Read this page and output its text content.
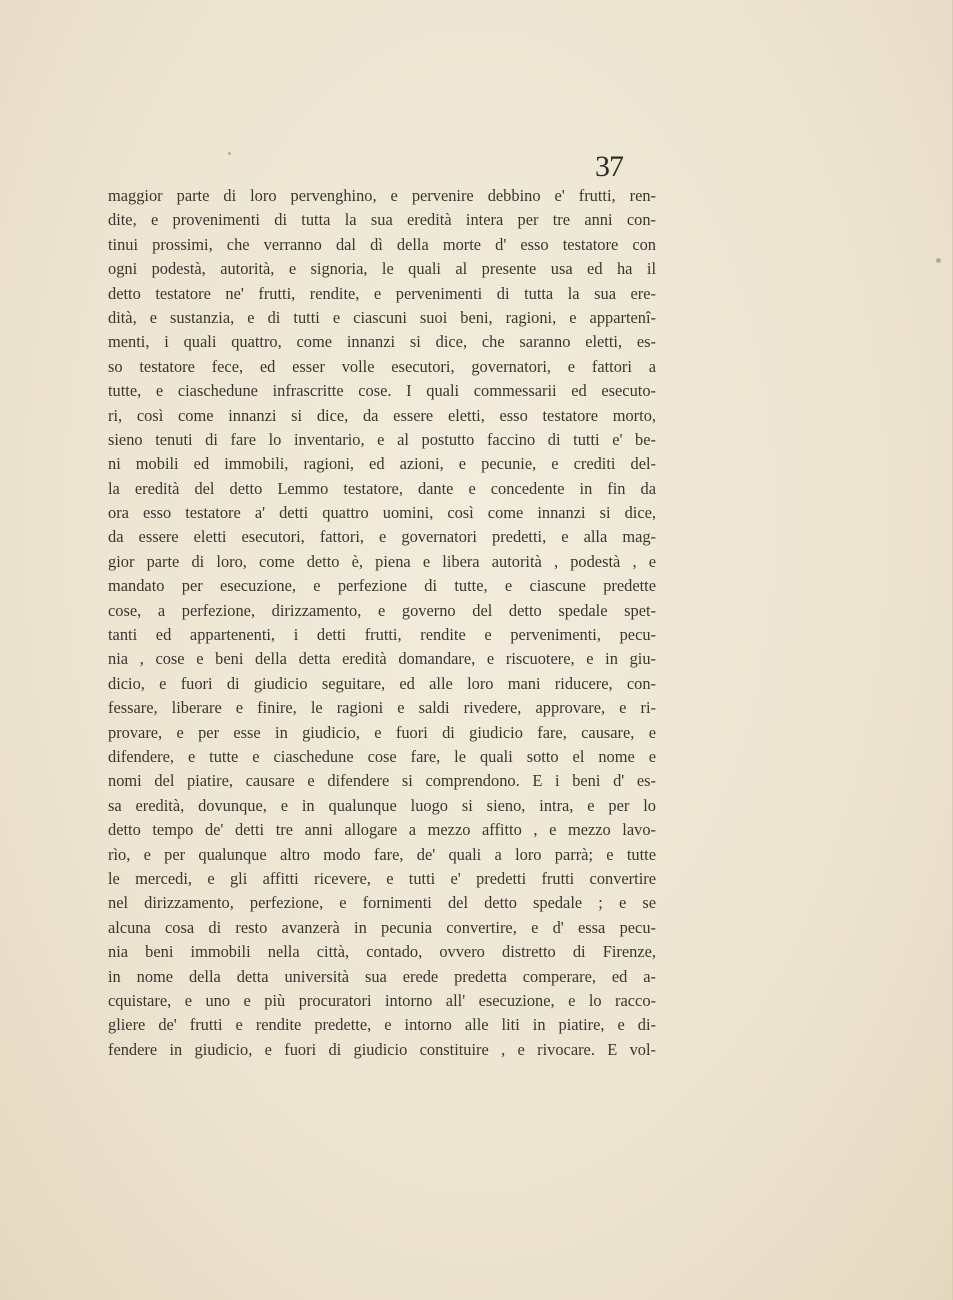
37
maggior parte di loro pervenghino, e pervenire debbino e' frutti, ren-
dite, e provenimenti di tutta la sua eredità intera per tre anni con-
tinui prossimi, che verranno dal dì della morte d' esso testatore con
ogni podestà, autorità, e signoria, le quali al presente usa ed ha il
detto testatore ne' frutti, rendite, e pervenimenti di tutta la sua ere-
dità, e sustanzia, e di tutti e ciascuni suoi beni, ragioni, e appartenî-
menti, i quali quattro, come innanzi si dice, che saranno eletti, es-
so testatore fece, ed esser volle esecutori, governatori, e fattori a
tutte, e ciaschedune infrascritte cose. I quali commessarii ed esecuto-
ri, così come innanzi si dice, da essere eletti, esso testatore morto,
sieno tenuti di fare lo inventario, e al postutto faccino di tutti e' be-
ni mobili ed immobili, ragioni, ed azioni, e pecunie, e crediti del-
la eredità del detto Lemmo testatore, dante e concedente in fin da
ora esso testatore a' detti quattro uomini, così come innanzi si dice,
da essere eletti esecutori, fattori, e governatori predetti, e alla mag-
gior parte di loro, come detto è, piena e libera autorità , podestà , e
mandato per esecuzione, e perfezione di tutte, e ciascune predette
cose, a perfezione, dirizzamento, e governo del detto spedale spet-
tanti ed appartenenti, i detti frutti, rendite e pervenimenti, pecu-
nia , cose e beni della detta eredità domandare, e riscuotere, e in giu-
dicio, e fuori di giudicio seguitare, ed alle loro mani riducere, con-
fessare, liberare e finire, le ragioni e saldi rivedere, approvare, e ri-
provare, e per esse in giudicio, e fuori di giudicio fare, causare, e
difendere, e tutte e ciaschedune cose fare, le quali sotto el nome e
nomi del piatire, causare e difendere si comprendono. E i beni d' es-
sa eredità, dovunque, e in qualunque luogo si sieno, intra, e per lo
detto tempo de' detti tre anni allogare a mezzo affitto , e mezzo lavo-
rìo, e per qualunque altro modo fare, de' quali a loro parrà; e tutte
le mercedi, e gli affitti ricevere, e tutti e' predetti frutti convertire
nel dirizzamento, perfezione, e fornimenti del detto spedale ; e se
alcuna cosa di resto avanzerà in pecunia convertire, e d' essa pecu-
nia beni immobili nella città, contado, ovvero distretto di Firenze,
in nome della detta università sua erede predetta comperare, ed a-
cquistare, e uno e più procuratori intorno all' esecuzione, e lo racco-
gliere de' frutti e rendite predette, e intorno alle liti in piatire, e di-
fendere in giudicio, e fuori di giudicio constituire , e rivocare. E vol-
